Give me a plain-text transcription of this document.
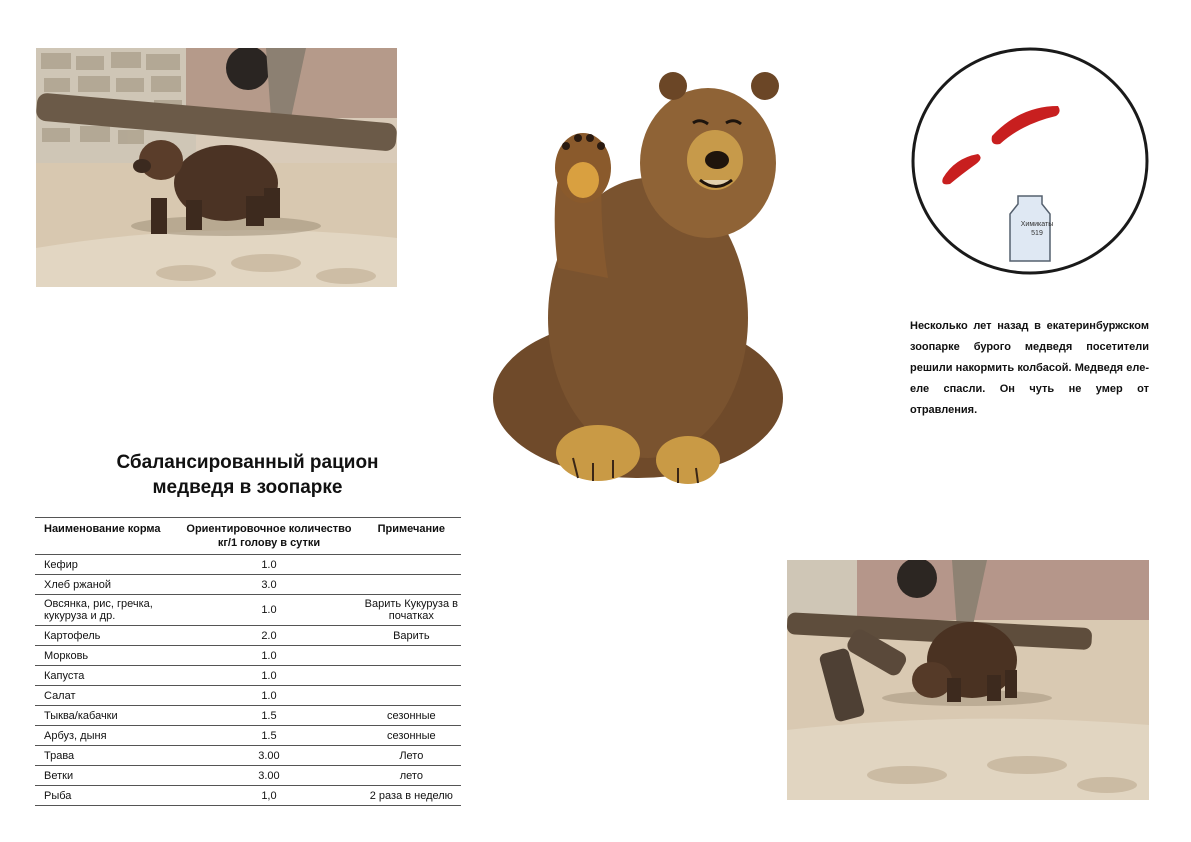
Химикаты
519
Несколько лет назад в екатеринбуржском зоопарке бурого медведя посетители решили накормить колбасой. Медведя еле-еле спасли. Он чуть не умер от отравления.
Сбалансированный рацион
медведя в зоопарке
Наименование корма	Ориентировочное количество кг/1 голову в сутки	Примечание
Кефир	1.0	
Хлеб ржаной	3.0	
Овсянка, рис, гречка, кукуруза и др.	1.0	Варить Кукуруза в початках
Картофель	2.0	Варить
Морковь	1.0	
Капуста	1.0	
Салат	1.0	
Тыква/кабачки	1.5	сезонные
Арбуз, дыня	1.5	сезонные
Трава	3.00	Лето
Ветки	3.00	лето
Рыба	1,0	2 раза в неделю
